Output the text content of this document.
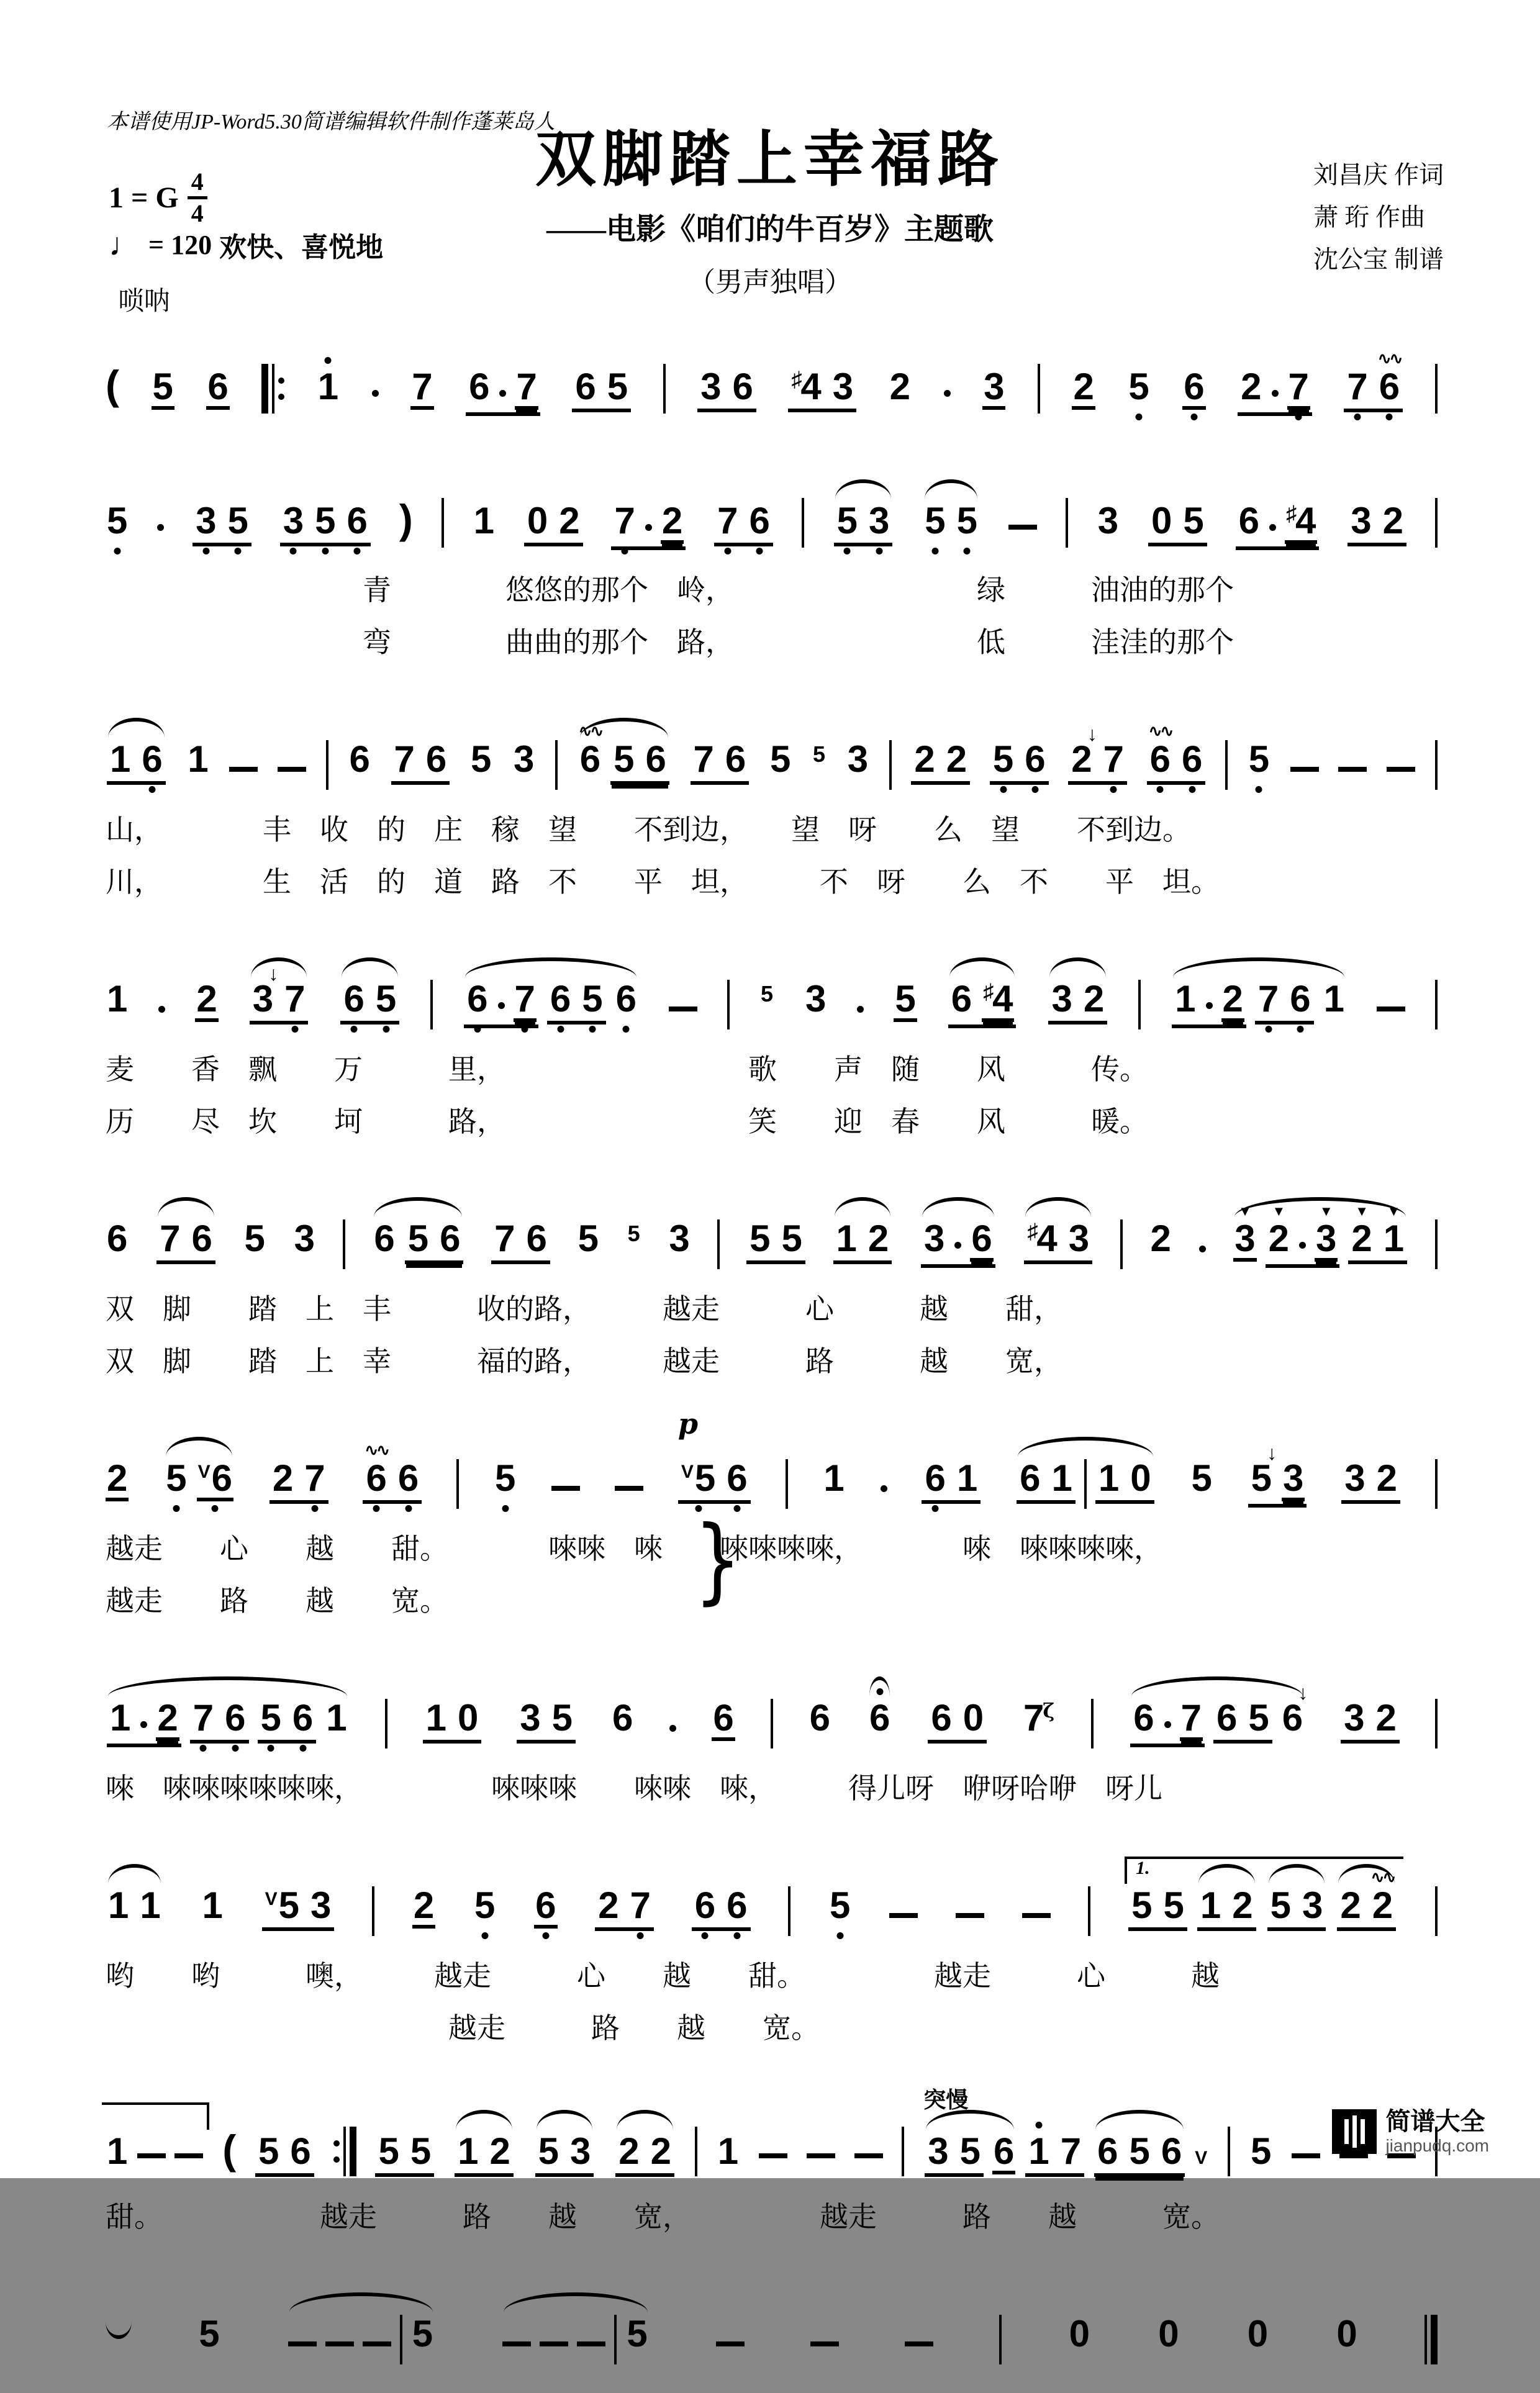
本谱使用JP-Word5.30简谱编辑软件制作蓬莱岛人
双脚踏上幸福路
——电影《咱们的牛百岁》主题歌
（男声独唱）
1 = G $\frac{4}{4}$
♩ = 120 欢快、喜悦地
唢呐
刘昌庆 作词
萧 珩 作曲
沈公宝 制谱
( 5 6 1 7 6 7 6 5 3 6 ♯4 3 2 3 2 5 6 2 7 7 6
∿∿
5 3 5 3 5 6 ) 1 0 2 7 2 7 6 5 3 5 5	3 0 5 6 ♯4 3 2
　　　　　　　　　青　　　　悠悠的那个　岭，　　　　　　　　　绿　　　油油的那个
　　　　　　　　　弯　　　　曲曲的那个　路，　　　　　　　　　低　　　洼洼的那个
1 6 1	6 7 6 5 3 6
∿∿
5 6 7 6 5 5 3 2 2 5 6 2
↓
7 6
∿∿
6 5
山，　　　　丰　收　的　庄　稼　望　　不到边，　　望　呀　　么　望　　不到边。
川，　　　　生　活　的　道　路　不　　平　坦，　　　不　呀　　么　不　　平　坦。
1 2 3
↓
7 6 5 6 7 6 5 6	5 3 5 6 ♯4 3 2 1 2 7 6 1
麦　　香　飘　　万　　　里，　　　　　　　　　歌　　声　随　　风　　　传。
历　　尽　坎　　坷　　　路，　　　　　　　　　笑　　迎　春　　风　　　暖。
6 7 6 5 3 6 5 6 7 6 5 5 3 5 5 1 2 3 6 ♯4 3 2 3
▼
2
▼
3
▼
2
▼
1
▼
双　脚　　踏　上　丰　　　收的路，　　　越走　　　心　　　越　　甜，
双　脚　　踏　上　幸　　　福的路，　　　越走　　　路　　　越　　宽，
2 5 $^V$6 2 7 6
∿∿
6 5
p
$^V$5 6 1 6 1 6 1 1 0 5 5
↓
3 3 2
越走　　心　　越　　甜。　　　　唻唻　唻　　唻唻唻唻，　　　　唻　唻唻唻唻，
越走　　路　　越　　宽。	}
1 2 7 6 5 6 1 1 0 3 5 6 6 6 6 6 0 $7^\zeta$ 6 7 6 5 6
↓
3 2
唻　唻唻唻唻唻唻，　　　　　唻唻唻　　唻唻　唻，　　　得儿呀　咿呀哈咿　呀儿
1 1 1 $^V$5 3 2 5 6 2 7 6 6 5
1.
5 5 1 2 5 3 2 2
∿∿
哟　　哟　　　噢，　　　越走　　　心　　越　　甜。　　　　　越走　　　心　　　越
　　　　　　　　　　　　越走　　　路　　越　　宽。
1 ( 5 6 5 5 1 2 5 3 2 2 1
突慢
3 5 6 1 7 6 5 6 V 5
甜。　　　　　　越走　　　路　　越　　宽，　　　　　越走　　　路　　越　　　宽。
5	5	5	0 0 0 0
简谱大全
jianpudq.com
